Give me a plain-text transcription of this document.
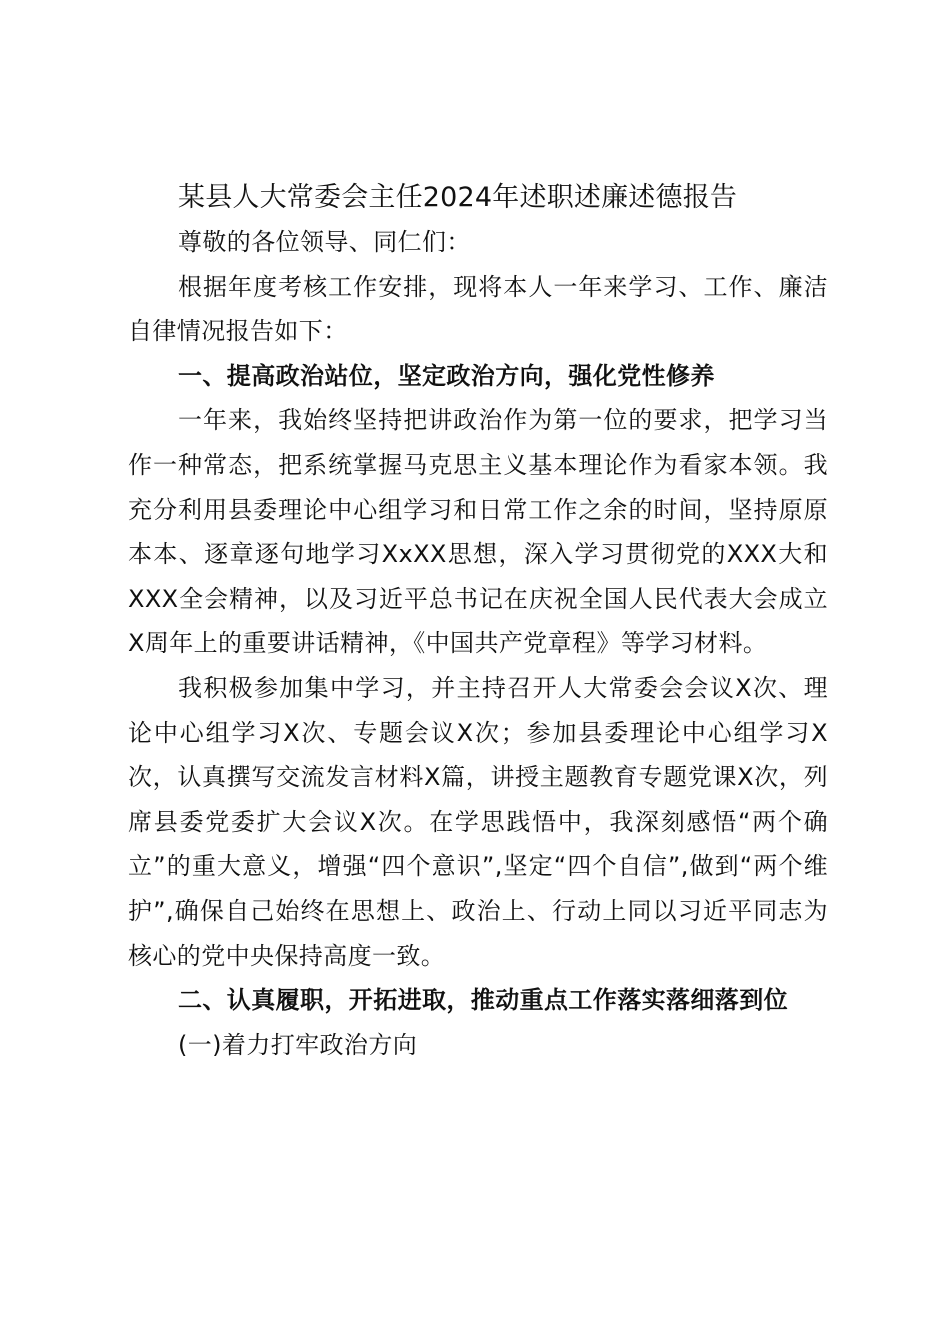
某县人大常委会主任2024年述职述廉述德报告

尊敬的各位领导、同仁们：

根据年度考核工作安排，现将本人一年来学习、工作、廉洁自律情况报告如下：

一、提高政治站位，坚定政治方向，强化党性修养

一年来，我始终坚持把讲政治作为第一位的要求，把学习当作一种常态，把系统掌握马克思主义基本理论作为看家本领。我充分利用县委理论中心组学习和日常工作之余的时间，坚持原原本本、逐章逐句地学习XxXX思想，深入学习贯彻党的XXX大和XXX全会精神，以及习近平总书记在庆祝全国人民代表大会成立X周年上的重要讲话精神，《中国共产党章程》等学习材料。

我积极参加集中学习，并主持召开人大常委会会议X次、理论中心组学习X次、专题会议X次；参加县委理论中心组学习X次，认真撰写交流发言材料X篇，讲授主题教育专题党课X次，列席县委党委扩大会议X次。在学思践悟中，我深刻感悟“两个确立”的重大意义，增强“四个意识”,坚定“四个自信”,做到“两个维护”,确保自己始终在思想上、政治上、行动上同以习近平同志为核心的党中央保持高度一致。

二、认真履职，开拓进取，推动重点工作落实落细落到位

(一)着力打牢政治方向
